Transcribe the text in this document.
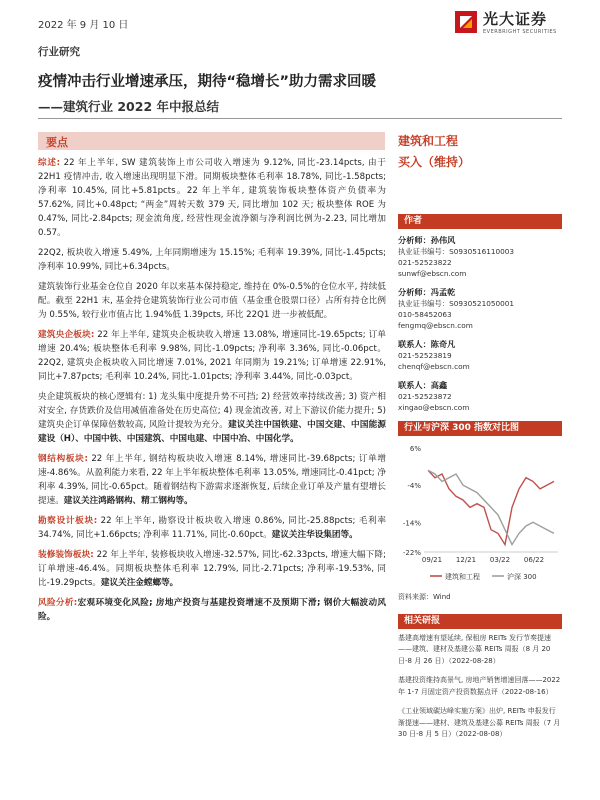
2022 年 9 月 10 日	光大证券
EVERBRIGHT SECURITIES
行业研究
疫情冲击行业增速承压，期待“稳增长”助力需求回暖
——建筑行业 2022 年中报总结
要点

综述: 22 年上半年, SW 建筑装饰上市公司收入增速为 9.12%, 同比-23.14pcts, 由于 22H1 疫情冲击, 收入增速出现明显下滑。同期板块整体毛利率 18.78%, 同比-1.58pcts; 净利率 10.45%, 同比+5.81pcts。22 年上半年, 建筑装饰板块整体资产负债率为 57.62%, 同比+0.48pct; “两金”周转天数 379 天, 同比增加 102 天; 板块整体 ROE 为 0.47%, 同比-2.84pcts; 现金流角度, 经营性现金流净额与净利润比例为-2.23, 同比增加 0.57。

22Q2, 板块收入增速 5.49%, 上年同期增速为 15.15%; 毛利率 19.39%, 同比-1.45pcts; 净利率 10.99%, 同比+6.34pcts。

建筑装饰行业基金仓位自 2020 年以来基本保持稳定, 维持在 0%-0.5%的仓位水平, 持续低配。截至 22H1 末, 基金持仓建筑装饰行业公司市值（基金重仓股票口径）占所有持仓比例为 0.55%, 较行业市值占比 1.94%低 1.39pcts, 环比 22Q1 进一步被低配。

建筑央企板块: 22 年上半年, 建筑央企板块收入增速 13.08%, 增速同比-19.65pcts; 订单增速 20.4%; 板块整体毛利率 9.98%, 同比-1.09pcts; 净利率 3.36%, 同比-0.06pct。22Q2, 建筑央企板块收入同比增速 7.01%, 2021 年同期为 19.21%; 订单增速 22.91%, 同比+7.87pcts; 毛利率 10.24%, 同比-1.01pcts; 净利率 3.44%, 同比-0.03pct。

央企建筑板块的核心逻辑有: 1) 龙头集中度提升势不可挡; 2) 经营效率持续改善; 3) 资产相对安全, 存货跌价及信用减值准备处在历史高位; 4) 现金流改善, 对上下游议价能力提升; 5) 建筑央企订单保障倍数较高, 风险计提较为充分。建议关注中国铁建、中国交建、中国能源建设（H）、中国中铁、中国建筑、中国电建、中国中冶、中国化学。

钢结构板块: 22 年上半年, 钢结构板块收入增速 8.14%, 增速同比-39.68pcts; 订单增速-4.86%。从盈利能力来看, 22 年上半年板块整体毛利率 13.05%, 增速同比-0.41pct; 净利率 4.39%, 同比-0.65pct。随着钢结构下游需求逐渐恢复, 后续企业订单及产量有望增长提速。建议关注鸿路钢构、精工钢构等。

勘察设计板块: 22 年上半年, 勘察设计板块收入增速 0.86%, 同比-25.88pcts; 毛利率 34.74%, 同比+1.66pcts; 净利率 11.71%, 同比-0.60pct。建议关注华设集团等。

装修装饰板块: 22 年上半年, 装修板块收入增速-32.57%, 同比-62.33pcts, 增速大幅下降; 订单增速-46.4%。同期板块整体毛利率 12.79%, 同比-2.71pcts; 净利率-19.53%, 同比-19.29pcts。建议关注金螳螂等。

风险分析:宏观环境变化风险; 房地产投资与基建投资增速不及预期下滑; 钢价大幅波动风险。

建筑和工程
买入（维持）
作者
分析师：孙伟风
执业证书编号：S0930516110003
021-52523822
sunwf@ebscn.com
分析师：冯孟乾
执业证书编号：S0930521050001
010-58452063
fengmq@ebscn.com
联系人：陈奇凡
021-52523819
chenqf@ebscn.com
联系人：高鑫
021-52523872
xingao@ebscn.com
行业与沪深 300 指数对比图
6%
-4%
-14%
-22%
09/21 12/21 03/22 06/22
建筑和工程	沪深 300
资料来源：Wind
相关研报
基建高增速有望延续, 保租房 REITs 发行节奏提速——建筑、建材及基建公募 REITs 周报（8 月 20 日-8 月 26 日）（2022-08-28）
基建投资维持高景气, 房地产销售增速回落——2022 年 1-7 月固定资产投资数据点评（2022-08-16）
《工业领域碳达峰实施方案》出炉, REITs 申报发行渐提速——建材、建筑及基建公募 REITs 周报（7 月 30 日-8 月 5 日）（2022-08-08）
